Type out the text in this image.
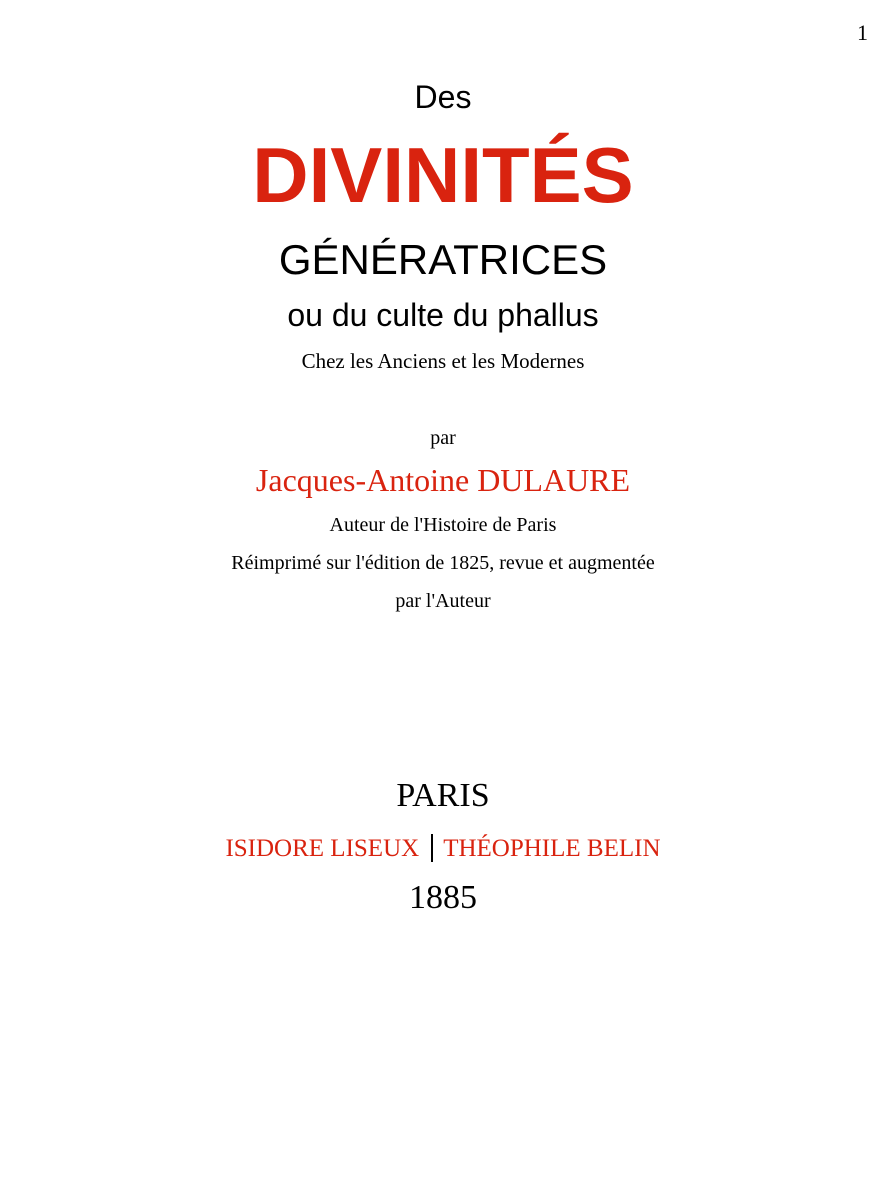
1
Des
DIVINITÉS
GÉNÉRATRICES
ou du culte du phallus
Chez les Anciens et les Modernes
par
Jacques-Antoine DULAURE
Auteur de l'Histoire de Paris
Réimprimé sur l'édition de 1825, revue et augmentée
par l'Auteur
PARIS
ISIDORE LISEUX THÉOPHILE BELIN
1885
